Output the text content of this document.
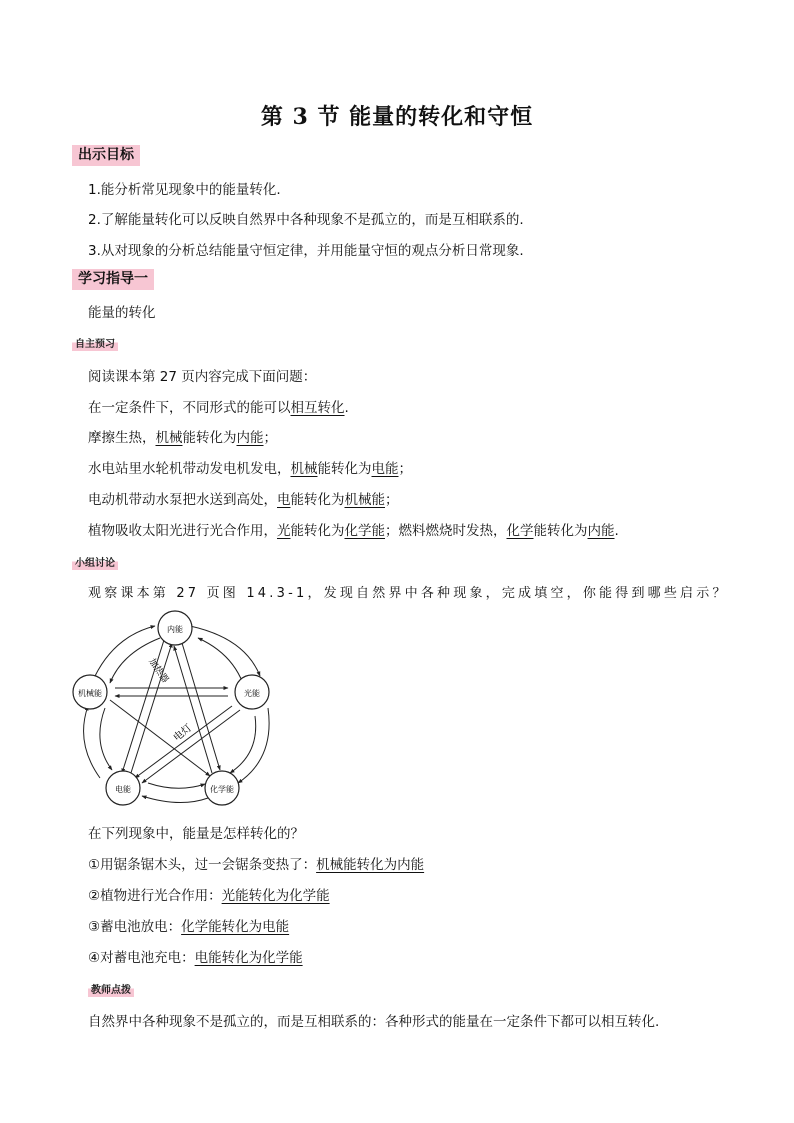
第 3 节 能量的转化和守恒
出示目标
1.能分析常见现象中的能量转化.
2.了解能量转化可以反映自然界中各种现象不是孤立的，而是互相联系的.
3.从对现象的分析总结能量守恒定律，并用能量守恒的观点分析日常现象.
学习指导一
能量的转化
自主预习
阅读课本第 27 页内容完成下面问题：
在一定条件下，不同形式的能可以相互转化.
摩擦生热，机械能转化为内能；
水电站里水轮机带动发电机发电，机械能转化为电能；
电动机带动水泵把水送到高处，电能转化为机械能；
植物吸收太阳光进行光合作用，光能转化为化学能；燃料燃烧时发热，化学能转化为内能.
小组讨论
观察课本第 27 页图 14.3-1，发现自然界中各种现象，完成填空，你能得到哪些启示？
内能
光能
化学能
电能
机械能
加热器
电灯
在下列现象中，能量是怎样转化的？
①用锯条锯木头，过一会锯条变热了：机械能转化为内能
②植物进行光合作用：光能转化为化学能
③蓄电池放电：化学能转化为电能
④对蓄电池充电：电能转化为化学能
教师点拨
自然界中各种现象不是孤立的，而是互相联系的：各种形式的能量在一定条件下都可以相互转化.
